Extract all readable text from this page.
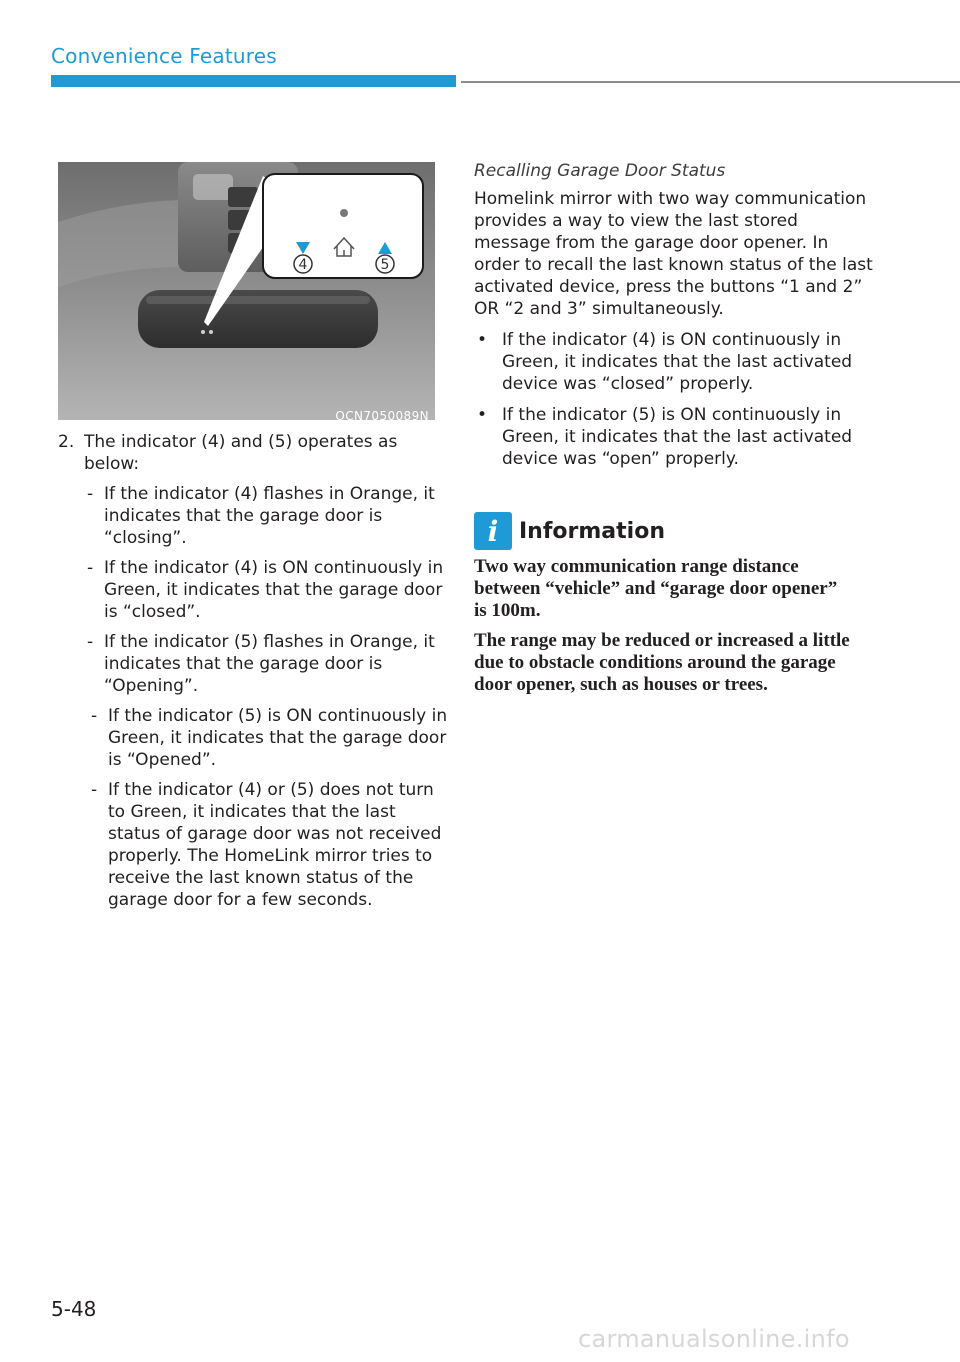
Convenience Features
4	5
OCN7050089N
2. The indicator (4) and (5) operates as below:
- If the indicator (4) flashes in Orange, it indicates that the garage door is “closing”.
- If the indicator (4) is ON continuously in Green, it indicates that the garage door is “closed”.
- If the indicator (5) flashes in Orange, it indicates that the garage door is “Opening”.
- If the indicator (5) is ON continuously in Green, it indicates that the garage door is “Opened”.
- If the indicator (4) or (5) does not turn to Green, it indicates that the last status of garage door was not received properly. The HomeLink mirror tries to receive the last known status of the garage door for a few seconds.
Recalling Garage Door Status

Homelink mirror with two way communication provides a way to view the last stored message from the garage door opener. In order to recall the last known status of the last activated device, press the buttons “1 and 2” OR “2 and 3” simultaneously.

• If the indicator (4) is ON continuously in Green, it indicates that the last activated device was “closed” properly.
• If the indicator (5) is ON continuously in Green, it indicates that the last activated device was “open” properly.
i Information

Two way communication range distance between “vehicle” and “garage door opener” is 100m.

The range may be reduced or increased a little due to obstacle conditions around the garage door opener, such as houses or trees.

5-48
carmanualsonline.info
